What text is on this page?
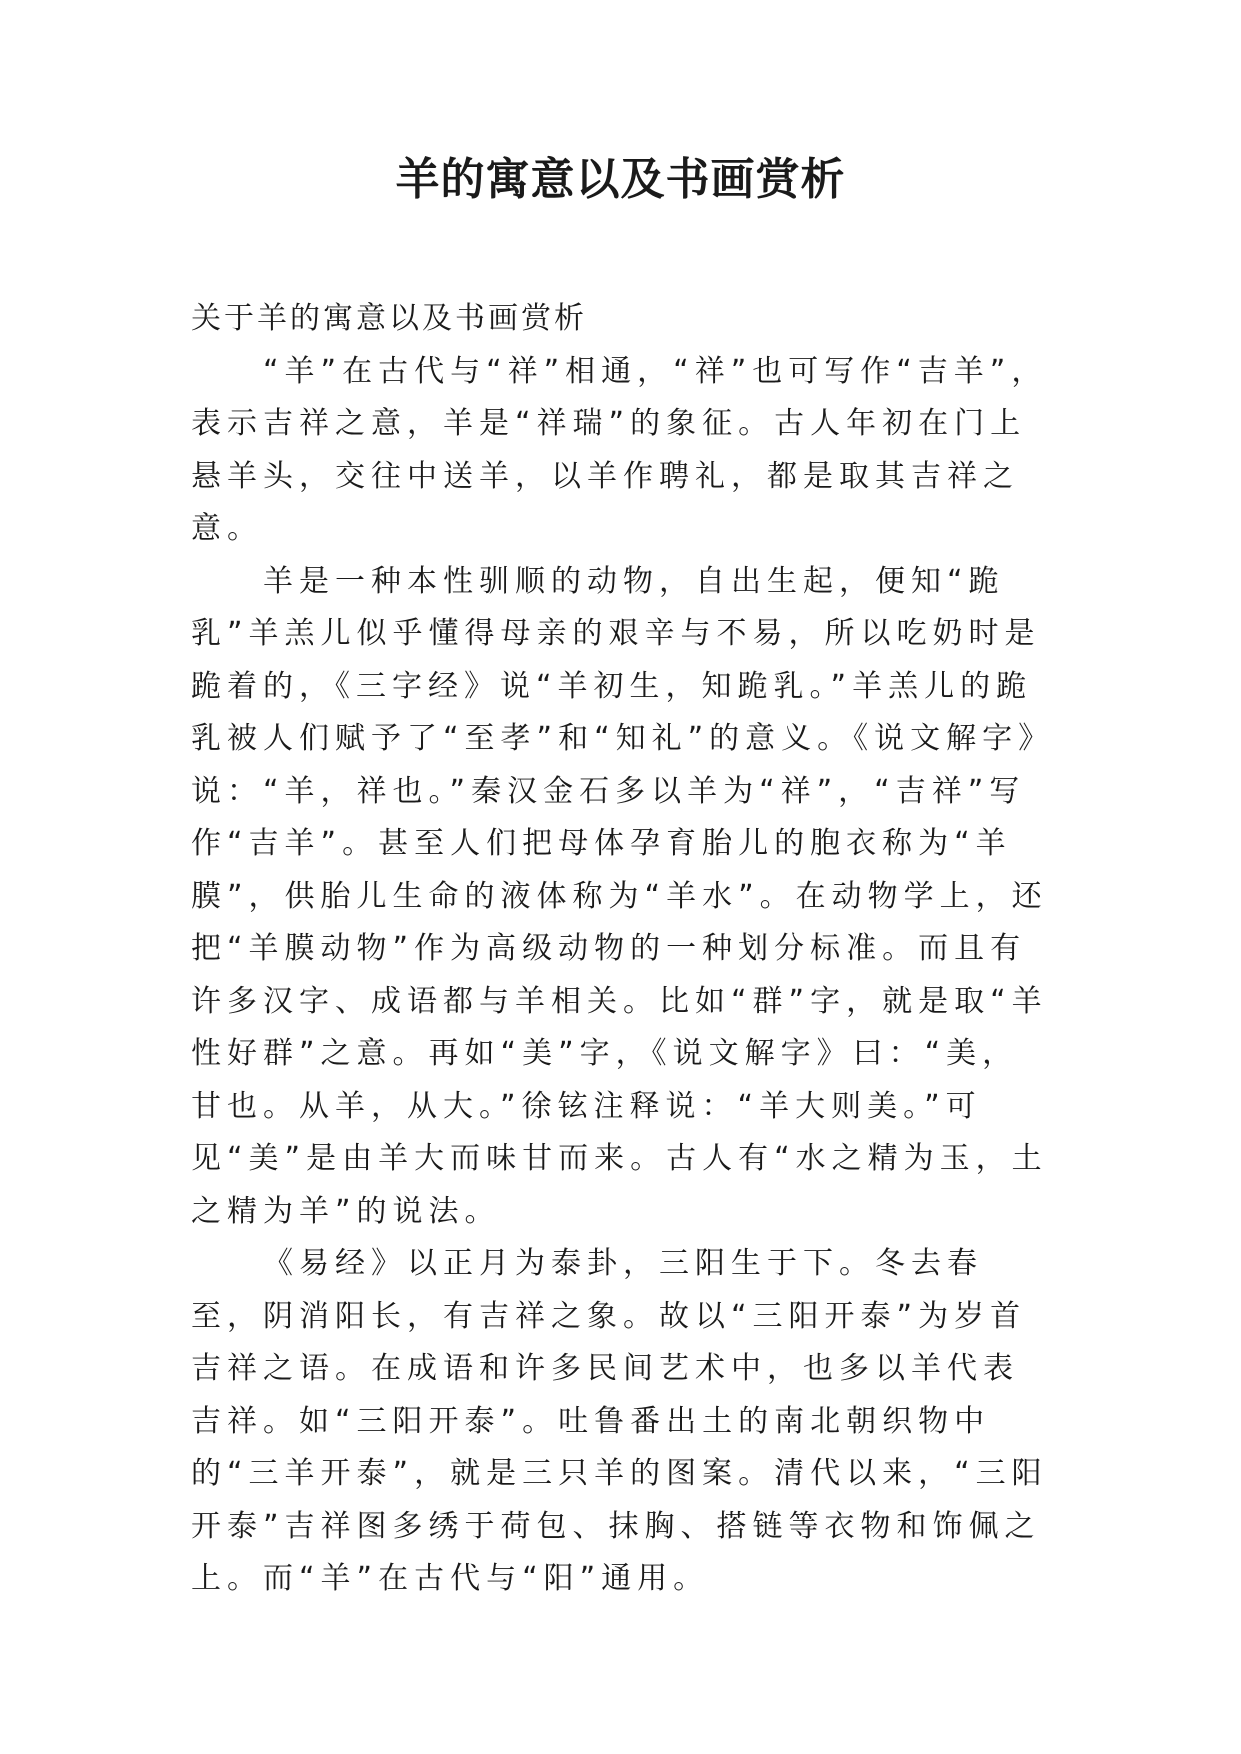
羊的寓意以及书画赏析

关于羊的寓意以及书画赏析

“羊”在古代与“祥”相通，“祥”也可写作“吉羊”，表示吉祥之意，羊是“祥瑞”的象征。古人年初在门上悬羊头，交往中送羊，以羊作聘礼，都是取其吉祥之意。

羊是一种本性驯顺的动物，自出生起，便知“跪乳”羊羔儿似乎懂得母亲的艰辛与不易，所以吃奶时是跪着的，《三字经》说“羊初生，知跪乳。”羊羔儿的跪乳被人们赋予了“至孝”和“知礼”的意义。《说文解字》说：“羊，祥也。”秦汉金石多以羊为“祥”，“吉祥”写作“吉羊”。甚至人们把母体孕育胎儿的胞衣称为“羊膜”，供胎儿生命的液体称为“羊水”。在动物学上，还把“羊膜动物”作为高级动物的一种划分标准。而且有许多汉字、成语都与羊相关。比如“群”字，就是取“羊性好群”之意。再如“美”字，《说文解字》曰：“美，甘也。从羊，从大。”徐铉注释说：“羊大则美。”可见“美”是由羊大而味甘而来。古人有“水之精为玉，土之精为羊”的说法。

《易经》以正月为泰卦，三阳生于下。冬去春至，阴消阳长，有吉祥之象。故以“三阳开泰”为岁首吉祥之语。在成语和许多民间艺术中，也多以羊代表吉祥。如“三阳开泰”。吐鲁番出土的南北朝织物中的“三羊开泰”，就是三只羊的图案。清代以来，“三阳开泰”吉祥图多绣于荷包、抹胸、搭链等衣物和饰佩之上。而“羊”在古代与“阳”通用。
